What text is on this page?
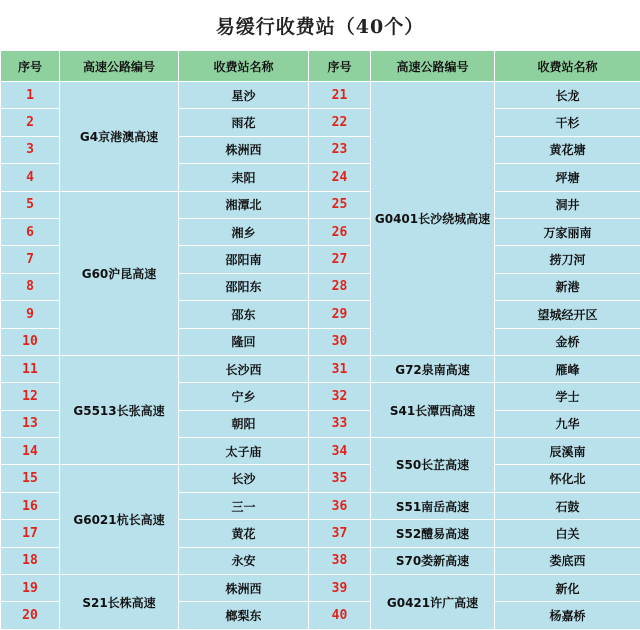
易缓行收费站（40个）
序号	高速公路编号	收费站名称	序号	高速公路编号	收费站名称
1	G4京港澳高速	星沙	21	G0401长沙绕城高速	长龙
2		雨花	22		干杉
3		株洲西	23		黄花塘
4		耒阳	24		坪塘
5	G60沪昆高速	湘潭北	25		洞井
6		湘乡	26		万家丽南
7		邵阳南	27		捞刀河
8		邵阳东	28		新港
9		邵东	29		望城经开区
10		隆回	30		金桥
11	G5513长张高速	长沙西	31	G72泉南高速	雁峰
12		宁乡	32	S41长潭西高速	学士
13		朝阳	33		九华
14		太子庙	34	S50长芷高速	辰溪南
15	G6021杭长高速	长沙	35		怀化北
16		三一	36	S51南岳高速	石鼓
17		黄花	37	S52醴易高速	白关
18		永安	38	S70娄新高速	娄底西
19	S21长株高速	株洲西	39	G0421许广高速	新化
20		榔梨东	40		杨嘉桥
